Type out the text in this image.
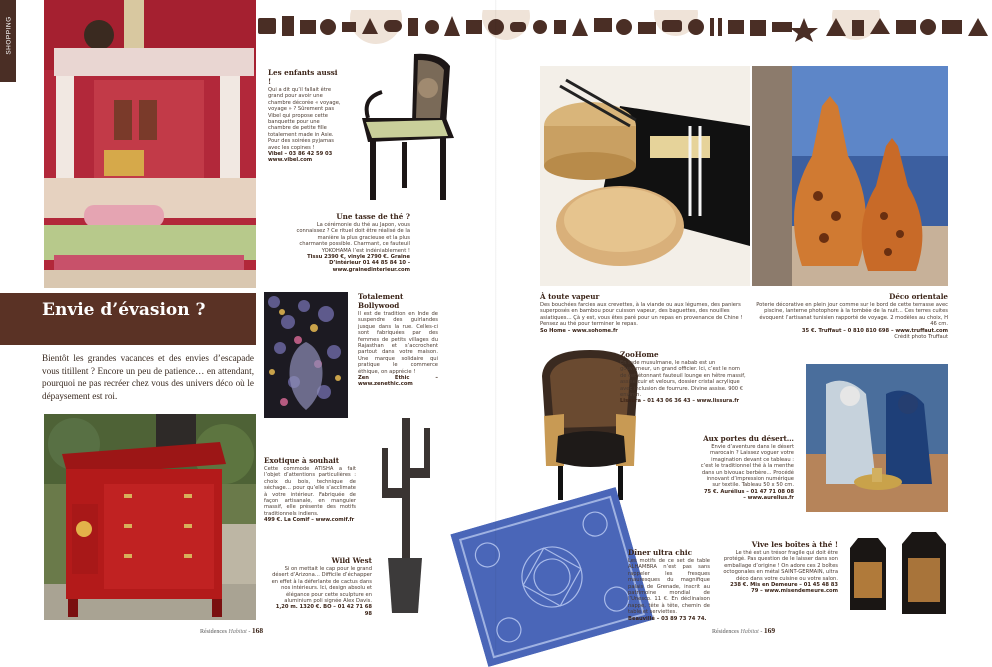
SHOPPING
Envie d’évasion ?
Bientôt les grandes vacances et des envies d’escapade vous titillent ? Encore un peu de patience… en attendant, pourquoi ne pas recréer chez vous des univers déco où le dépaysement est roi.
Les enfants aussi !
Qui a dit qu’il fallait être grand pour avoir une chambre décorée « voyage, voyage » ? Sûrement pas Vibel qui propose cette banquette pour une chambre de petite fille totalement made in Asie. Pour des soirées pyjamas avec les copines !
Vibel – 03 86 42 59 03 www.vibel.com
Une tasse de thé ?
La cérémonie du thé au Japon, vous connaissez ? Ce rituel doit être réalisé de la manière la plus gracieuse et la plus charmante possible. Charmant, ce fauteuil YOKOHAMA l’est indéniablement !
Tissu 2390 €, vinyle 2790 €. Graine D’intérieur 01 44 85 84 10 - www.grainedinterieur.com
Totalement Bollywood
Il est de tradition en Inde de suspendre des guirlandes jusque dans la rue. Celles-ci sont fabriquées par des femmes de petits villages du Rajasthan et s’accrochent partout dans votre maison. Une marque solidaire qui pratique le commerce éthique, on apprécie !
Zen Ethic – www.zenethic.com
Exotique à souhait
Cette commode ATISHA a fait l’objet d’attentions particulières : choix du bois, technique de séchage… pour qu’elle s’acclimate à votre intérieur. Fabriquée de façon artisanale, en manguier massif, elle présente des motifs traditionnels indiens.
499 €. La Comif – www.comif.fr
Wild West
Si on mettait le cap pour le grand désert d’Arizona… Difficile d’échapper en effet à la déferlante de cactus dans nos intérieurs. Ici, design absolu et élégance pour cette sculpture en aluminium poli signée Alex Davis.
1,20 m. 1320 €. BO – 01 42 71 68 98
Résidences Habitat - 168
À toute vapeur
Des bouchées farcies aux crevettes, à la viande ou aux légumes, des paniers superposés en bambou pour cuisson vapeur, des baguettes, des nouilles asiatiques… Çà y est, vous êtes paré pour un repas en provenance de Chine ! Pensez au thé pour terminer le repas.
So Home – www.sohome.fr
Déco orientale
Poterie décorative en plein jour comme sur le bord de cette terrasse avec piscine, lanterne photophore à la tombée de la nuit… Ces terres cuites évoquent l’artisanat tunisien rapporté de voyage. 2 modèles au choix, H 46 cm.
35 €. Truffaut – 0 810 810 698 – www.truffaut.com
Crédit photo Truffaut
ZooHome
En Inde musulmane, le nabab est un gouverneur, un grand officier. Ici, c’est le nom de cet étonnant fauteuil lounge en hêtre massif, assise cuir et velours, dossier cristal acrylique avec inclusion de fourrure. Divine assise. 900 € environ.
Lissura – 01 43 06 36 43 – www.lissura.fr
Aux portes du désert…
Envie d’aventure dans le désert marocain ? Laissez voguer votre imagination devant ce tableau : c’est le traditionnel thé à la menthe dans un bivouac berbère… Procédé innovant d’impression numérique sur textile. Tableau 50 x 50 cm.
75 €. Aurélius – 01 47 71 08 08 – www.aurelius.fr
Dîner ultra chic
Les motifs de ce set de table ALHAMBRA n’est pas sans rappeler les fresques mauresques du magnifique palais de Grenade, inscrit au patrimoine mondial de l’Unesco. 11 €. En déclinaison nappe, tête à tête, chemin de table et serviettes.
Beauvillé – 03 89 73 74 74.
Vive les boîtes à thé !
Le thé est un trésor fragile qui doit être protégé. Pas question de le laisser dans son emballage d’origine ! On adore ces 2 boîtes octogonales en métal SAINT-GERMAIN, ultra déco dans votre cuisine ou votre salon.
238 €. Mis en Demeure – 01 45 48 83 79 – www.misendemeure.com
Résidences Habitat - 169
